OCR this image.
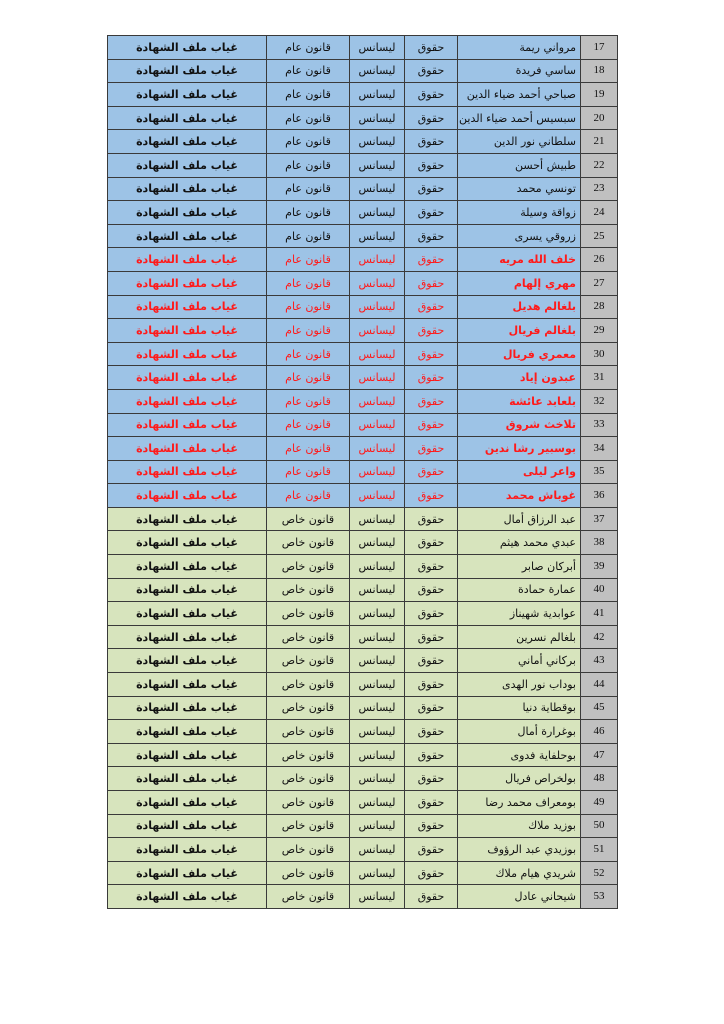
17	مرواني ريمة	حقوق	ليسانس	قانون عام	غياب ملف الشهادة
18	ساسي فريدة	حقوق	ليسانس	قانون عام	غياب ملف الشهادة
19	صباحي أحمد ضياء الدين	حقوق	ليسانس	قانون عام	غياب ملف الشهادة
20	سبسيس أحمد ضياء الدين	حقوق	ليسانس	قانون عام	غياب ملف الشهادة
21	سلطاني نور الدين	حقوق	ليسانس	قانون عام	غياب ملف الشهادة
22	طبيش أحسن	حقوق	ليسانس	قانون عام	غياب ملف الشهادة
23	تونسي محمد	حقوق	ليسانس	قانون عام	غياب ملف الشهادة
24	زواقة وسيلة	حقوق	ليسانس	قانون عام	غياب ملف الشهادة
25	زروقي يسرى	حقوق	ليسانس	قانون عام	غياب ملف الشهادة
26	خلف الله مريه	حقوق	ليسانس	قانون عام	غياب ملف الشهادة
27	مهري إلهام	حقوق	ليسانس	قانون عام	غياب ملف الشهادة
28	بلغالم هديل	حقوق	ليسانس	قانون عام	غياب ملف الشهادة
29	بلغالم فريال	حقوق	ليسانس	قانون عام	غياب ملف الشهادة
30	معمري فريال	حقوق	ليسانس	قانون عام	غياب ملف الشهادة
31	عبدون إياد	حقوق	ليسانس	قانون عام	غياب ملف الشهادة
32	بلعابد عائشة	حقوق	ليسانس	قانون عام	غياب ملف الشهادة
33	تلاخث شروق	حقوق	ليسانس	قانون عام	غياب ملف الشهادة
34	بوسبير رشا ندين	حقوق	ليسانس	قانون عام	غياب ملف الشهادة
35	واعر ليلى	حقوق	ليسانس	قانون عام	غياب ملف الشهادة
36	غوباش محمد	حقوق	ليسانس	قانون عام	غياب ملف الشهادة
37	عبد الرزاق أمال	حقوق	ليسانس	قانون خاص	غياب ملف الشهادة
38	عبدي محمد هيثم	حقوق	ليسانس	قانون خاص	غياب ملف الشهادة
39	أبركان صابر	حقوق	ليسانس	قانون خاص	غياب ملف الشهادة
40	عمارة حمادة	حقوق	ليسانس	قانون خاص	غياب ملف الشهادة
41	عوابدية شهيناز	حقوق	ليسانس	قانون خاص	غياب ملف الشهادة
42	بلغالم نسرين	حقوق	ليسانس	قانون خاص	غياب ملف الشهادة
43	بركاني أماني	حقوق	ليسانس	قانون خاص	غياب ملف الشهادة
44	بوداب نور الهدى	حقوق	ليسانس	قانون خاص	غياب ملف الشهادة
45	بوقطاية دنيا	حقوق	ليسانس	قانون خاص	غياب ملف الشهادة
46	بوغرارة أمال	حقوق	ليسانس	قانون خاص	غياب ملف الشهادة
47	بوحلفاية فدوى	حقوق	ليسانس	قانون خاص	غياب ملف الشهادة
48	بولخراص فريال	حقوق	ليسانس	قانون خاص	غياب ملف الشهادة
49	بومعراف محمد رضا	حقوق	ليسانس	قانون خاص	غياب ملف الشهادة
50	بوزيد ملاك	حقوق	ليسانس	قانون خاص	غياب ملف الشهادة
51	بوزيدي عبد الرؤوف	حقوق	ليسانس	قانون خاص	غياب ملف الشهادة
52	شريدي هيام ملاك	حقوق	ليسانس	قانون خاص	غياب ملف الشهادة
53	شيحاني عادل	حقوق	ليسانس	قانون خاص	غياب ملف الشهادة
